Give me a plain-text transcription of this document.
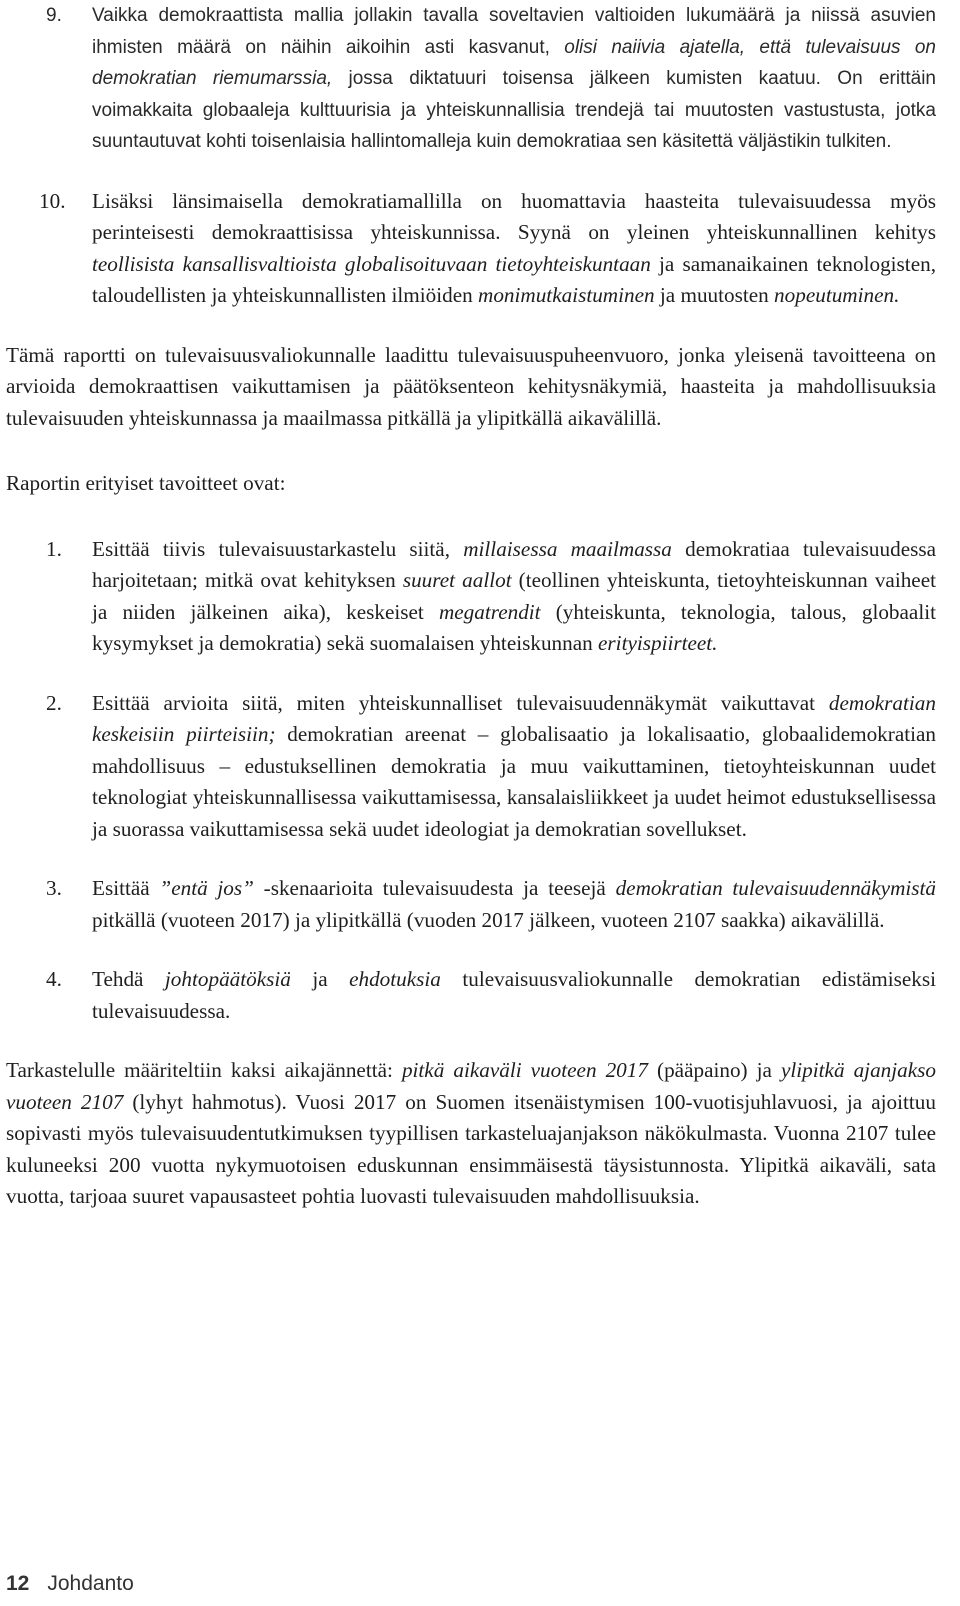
9. Vaikka demokraattista mallia jollakin tavalla soveltavien valtioiden lukumäärä ja niissä asuvien ihmisten määrä on näihin aikoihin asti kasvanut, olisi naiivia ajatella, että tulevaisuus on demokratian riemumarssia, jossa diktatuuri toisensa jälkeen kumisten kaatuu. On erittäin voimakkaita globaaleja kulttuurisia ja yhteiskunnallisia trendejä tai muutosten vastustusta, jotka suuntautuvat kohti toisenlaisia hallintomalleja kuin demokratiaa sen käsitettä väljästikin tulkiten.

10. Lisäksi länsimaisella demokratiamallilla on huomattavia haasteita tulevaisuudessa myös perinteisesti demokraattisissa yhteiskunnissa. Syynä on yleinen yhteiskunnallinen kehitys teollisista kansallisvaltioista globalisoituvaan tietoyhteiskuntaan ja samanaikainen teknologisten, taloudellisten ja yhteiskunnallisten ilmiöiden monimutkaistuminen ja muutosten nopeutuminen.

Tämä raportti on tulevaisuusvaliokunnalle laadittu tulevaisuuspuheenvuoro, jonka yleisenä tavoitteena on arvioida demokraattisen vaikuttamisen ja päätöksenteon kehitysnäkymiä, haasteita ja mahdollisuuksia tulevaisuuden yhteiskunnassa ja maailmassa pitkällä ja ylipitkällä aikavälillä.

Raportin erityiset tavoitteet ovat:

1. Esittää tiivis tulevaisuustarkastelu siitä, millaisessa maailmassa demokratiaa tulevaisuudessa harjoitetaan; mitkä ovat kehityksen suuret aallot (teollinen yhteiskunta, tietoyhteiskunnan vaiheet ja niiden jälkeinen aika), keskeiset megatrendit (yhteiskunta, teknologia, talous, globaalit kysymykset ja demokratia) sekä suomalaisen yhteiskunnan erityispiirteet.

2. Esittää arvioita siitä, miten yhteiskunnalliset tulevaisuudennäkymät vaikuttavat demokratian keskeisiin piirteisiin; demokratian areenat – globalisaatio ja lokalisaatio, globaalidemokratian mahdollisuus – edustuksellinen demokratia ja muu vaikuttaminen, tietoyhteiskunnan uudet teknologiat yhteiskunnallisessa vaikuttamisessa, kansalaisliikkeet ja uudet heimot edustuksellisessa ja suorassa vaikuttamisessa sekä uudet ideologiat ja demokratian sovellukset.

3. Esittää ”entä jos” -skenaarioita tulevaisuudesta ja teesejä demokratian tulevaisuudennäkymistä pitkällä (vuoteen 2017) ja ylipitkällä (vuoden 2017 jälkeen, vuoteen 2107 saakka) aikavälillä.

4. Tehdä johtopäätöksiä ja ehdotuksia tulevaisuusvaliokunnalle demokratian edistämiseksi tulevaisuudessa.

Tarkastelulle määriteltiin kaksi aikajännettä: pitkä aikaväli vuoteen 2017 (pääpaino) ja ylipitkä ajanjakso vuoteen 2107 (lyhyt hahmotus). Vuosi 2017 on Suomen itsenäistymisen 100-vuotisjuhlavuosi, ja ajoittuu sopivasti myös tulevaisuudentutkimuksen tyypillisen tarkasteluajanjakson näkökulmasta. Vuonna 2107 tulee kuluneeksi 200 vuotta nykymuotoisen eduskunnan ensimmäisestä täysistunnosta. Ylipitkä aikaväli, sata vuotta, tarjoaa suuret vapausasteet pohtia luovasti tulevaisuuden mahdollisuuksia.

12 Johdanto
